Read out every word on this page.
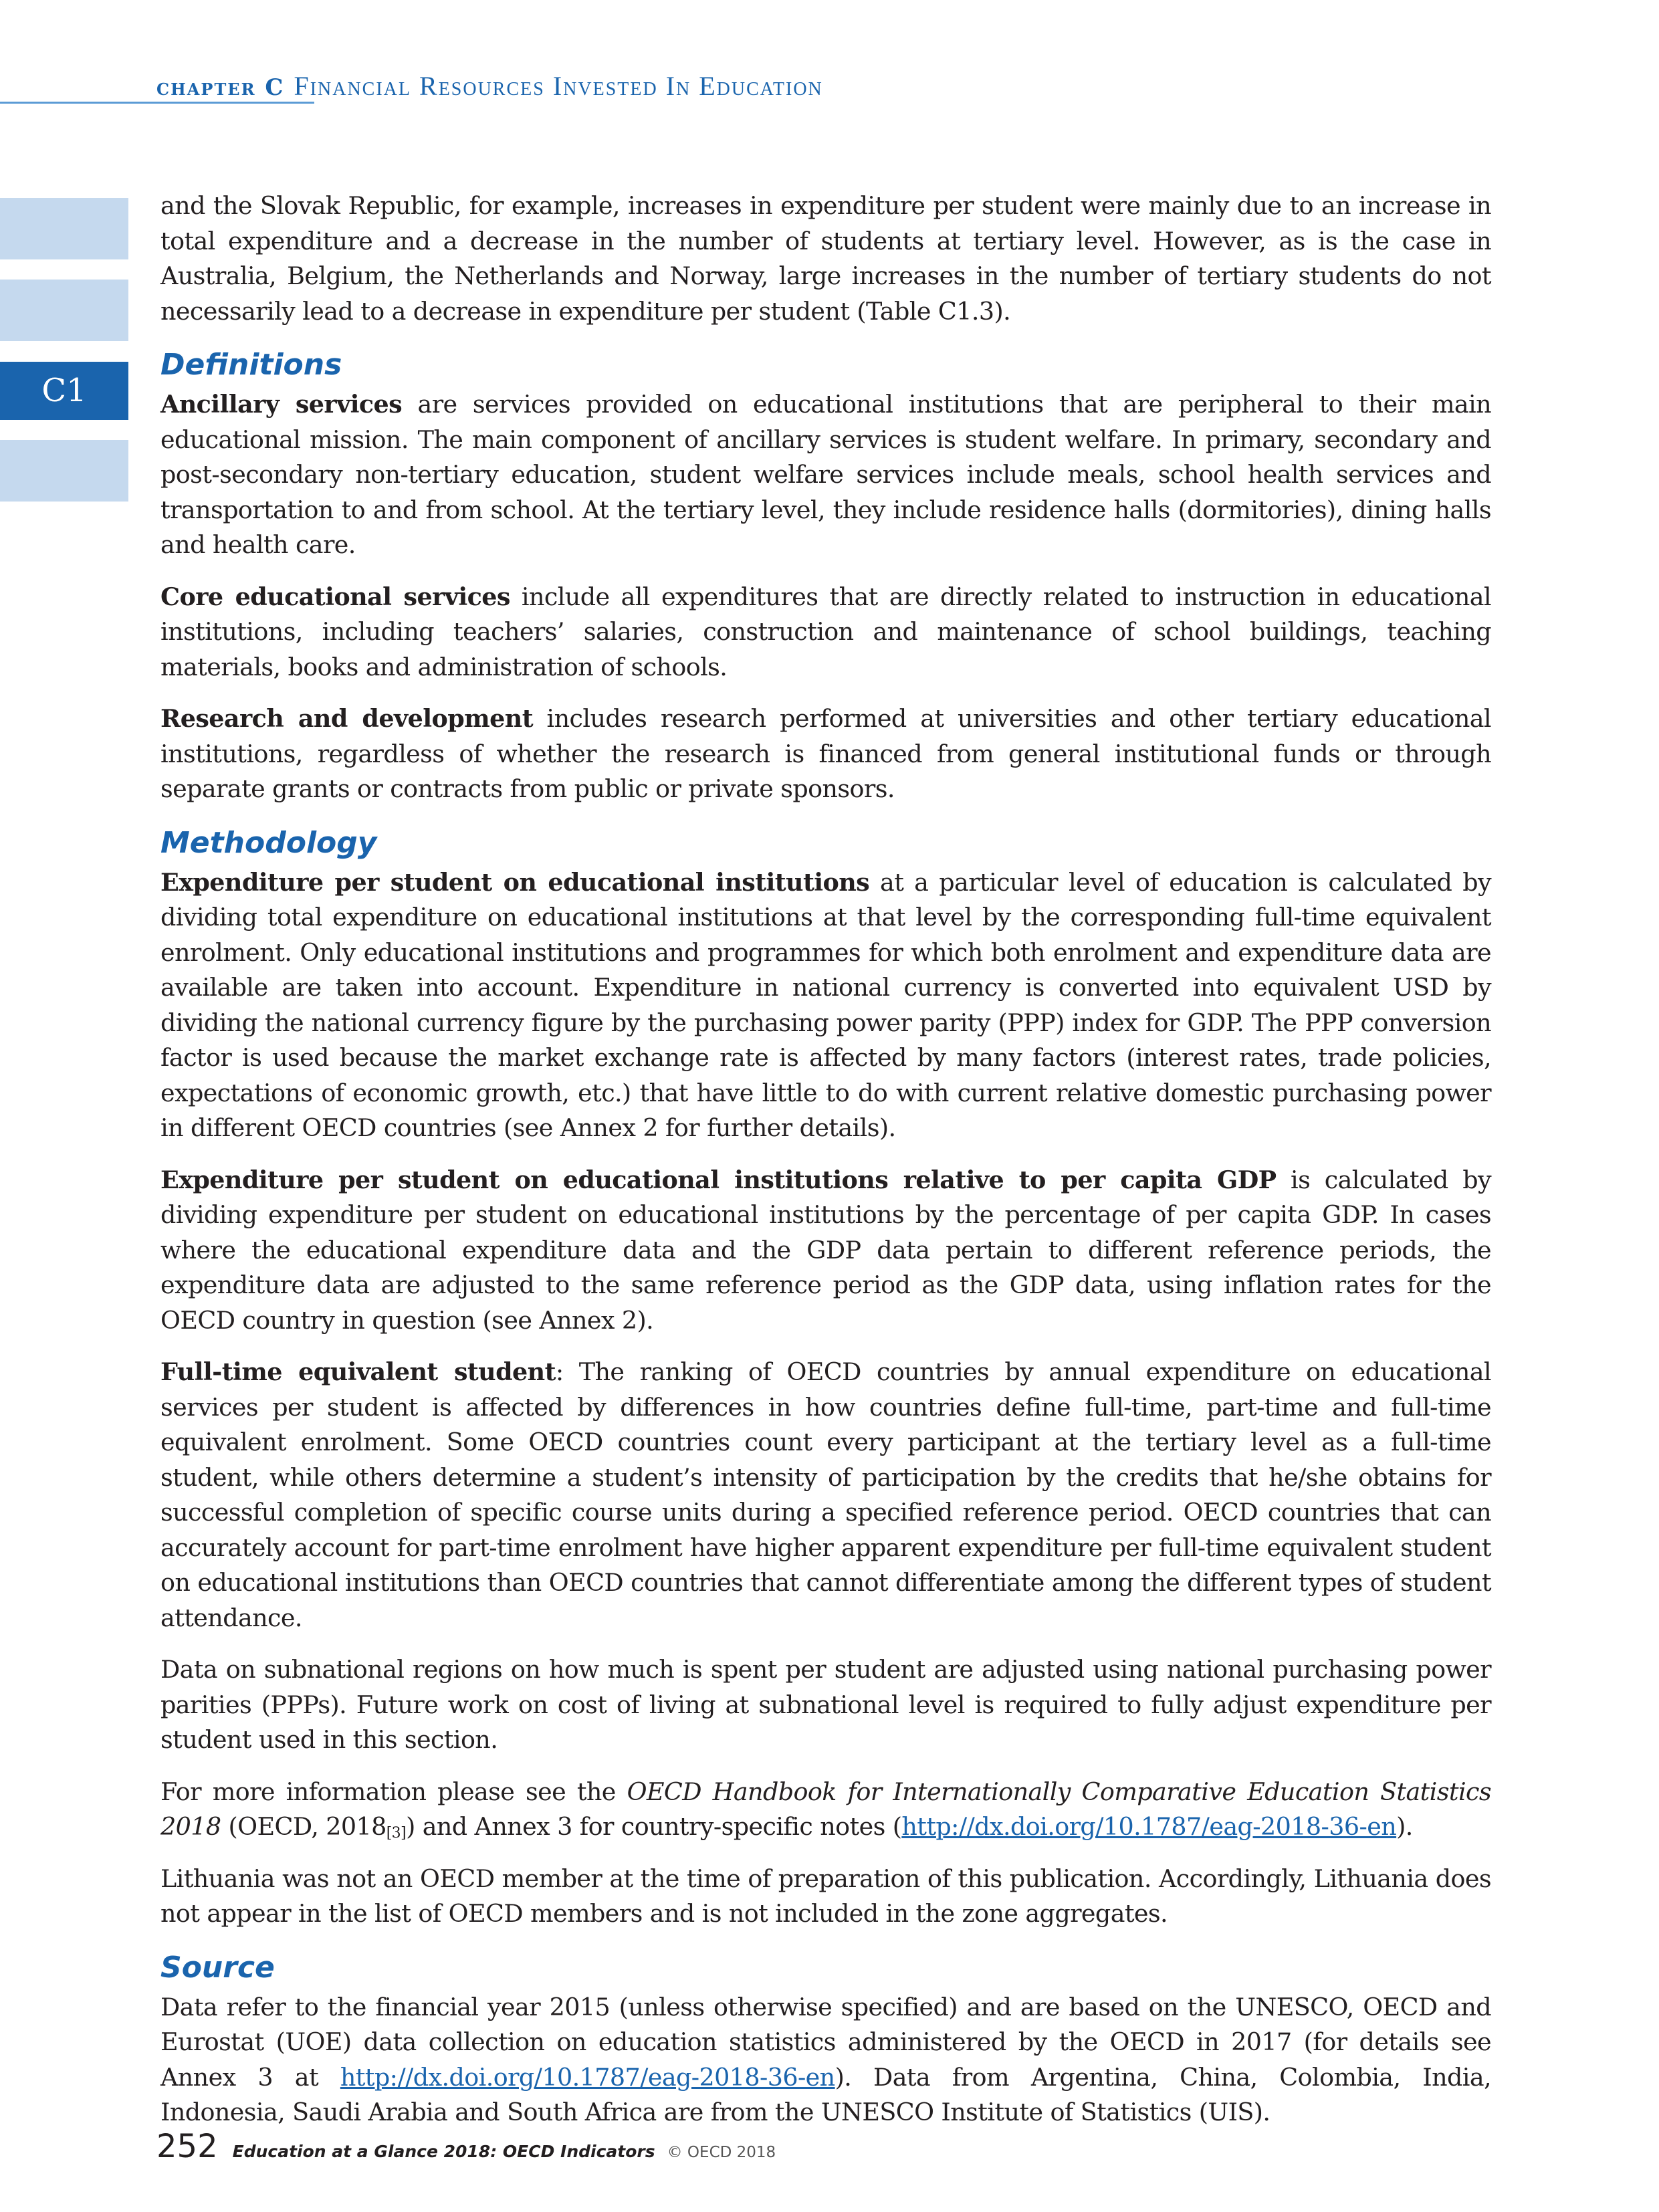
chapter C Financial Resources Invested In Education
C1

and the Slovak Republic, for example, increases in expenditure per student were mainly due to an increase in total expenditure and a decrease in the number of students at tertiary level. However, as is the case in Australia, Belgium, the Netherlands and Norway, large increases in the number of tertiary students do not necessarily lead to a decrease in expenditure per student (Table C1.3).

Definitions

Ancillary services are services provided on educational institutions that are peripheral to their main educational mission. The main component of ancillary services is student welfare. In primary, secondary and post-secondary non-tertiary education, student welfare services include meals, school health services and transportation to and from school. At the tertiary level, they include residence halls (dormitories), dining halls and health care.

Core educational services include all expenditures that are directly related to instruction in educational institutions, including teachers’ salaries, construction and maintenance of school buildings, teaching materials, books and administration of schools.

Research and development includes research performed at universities and other tertiary educational institutions, regardless of whether the research is financed from general institutional funds or through separate grants or contracts from public or private sponsors.

Methodology

Expenditure per student on educational institutions at a particular level of education is calculated by dividing total expenditure on educational institutions at that level by the corresponding full-time equivalent enrolment. Only educational institutions and programmes for which both enrolment and expenditure data are available are taken into account. Expenditure in national currency is converted into equivalent USD by dividing the national currency figure by the purchasing power parity (PPP) index for GDP. The PPP conversion factor is used because the market exchange rate is affected by many factors (interest rates, trade policies, expectations of economic growth, etc.) that have little to do with current relative domestic purchasing power in different OECD countries (see Annex 2 for further details).

Expenditure per student on educational institutions relative to per capita GDP is calculated by dividing expenditure per student on educational institutions by the percentage of per capita GDP. In cases where the educational expenditure data and the GDP data pertain to different reference periods, the expenditure data are adjusted to the same reference period as the GDP data, using inflation rates for the OECD country in question (see Annex 2).

Full-time equivalent student: The ranking of OECD countries by annual expenditure on educational services per student is affected by differences in how countries define full-time, part-time and full-time equivalent enrolment. Some OECD countries count every participant at the tertiary level as a full-time student, while others determine a student’s intensity of participation by the credits that he/she obtains for successful completion of specific course units during a specified reference period. OECD countries that can accurately account for part-time enrolment have higher apparent expenditure per full-time equivalent student on educational institutions than OECD countries that cannot differentiate among the different types of student attendance.

Data on subnational regions on how much is spent per student are adjusted using national purchasing power parities (PPPs). Future work on cost of living at subnational level is required to fully adjust expenditure per student used in this section.

For more information please see the OECD Handbook for Internationally Comparative Education Statistics 2018 (OECD, $2018_{[3]}$) and Annex 3 for country-specific notes (http://dx.doi.org/10.1787/eag-2018-36-en).

Lithuania was not an OECD member at the time of preparation of this publication. Accordingly, Lithuania does not appear in the list of OECD members and is not included in the zone aggregates.

Source

Data refer to the financial year 2015 (unless otherwise specified) and are based on the UNESCO, OECD and Eurostat (UOE) data collection on education statistics administered by the OECD in 2017 (for details see Annex 3 at http://dx.doi.org/10.1787/eag-2018-36-en). Data from Argentina, China, Colombia, India, Indonesia, Saudi Arabia and South Africa are from the UNESCO Institute of Statistics (UIS).

252 Education at a Glance 2018: OECD Indicators © OECD 2018
